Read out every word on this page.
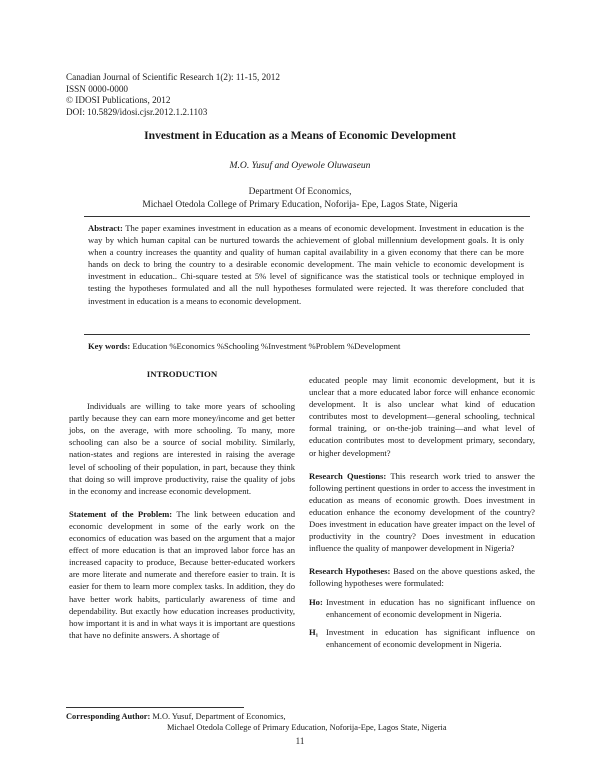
Canadian Journal of Scientific Research 1(2): 11-15, 2012
ISSN 0000-0000
© IDOSI Publications, 2012
DOI: 10.5829/idosi.cjsr.2012.1.2.1103
Investment in Education as a Means of Economic Development
M.O. Yusuf and Oyewole Oluwaseun
Department Of Economics,
Michael Otedola College of Primary Education, Noforija- Epe, Lagos State, Nigeria
Abstract: The paper examines investment in education as a means of economic development. Investment in education is the way by which human capital can be nurtured towards the achievement of global millennium development goals. It is only when a country increases the quantity and quality of human capital availability in a given economy that there can be more hands on deck to bring the country to a desirable economic development. The main vehicle to economic development is investment in education.. Chi-square tested at 5% level of significance was the statistical tools or technique employed in testing the hypotheses formulated and all the null hypotheses formulated were rejected. It was therefore concluded that investment in education is a means to economic development.
Key words: Education %Economics %Schooling %Investment %Problem %Development

INTRODUCTION

Individuals are willing to take more years of schooling partly because they can earn more money/income and get better jobs, on the average, with more schooling. To many, more schooling can also be a source of social mobility. Similarly, nation-states and regions are interested in raising the average level of schooling of their population, in part, because they think that doing so will improve productivity, raise the quality of jobs in the economy and increase economic development.

Statement of the Problem: The link between education and economic development in some of the early work on the economics of education was based on the argument that a major effect of more education is that an improved labor force has an increased capacity to produce, Because better-educated workers are more literate and numerate and therefore easier to train. It is easier for them to learn more complex tasks. In addition, they do have better work habits, particularly awareness of time and dependability. But exactly how education increases productivity, how important it is and in what ways it is important are questions that have no definite answers. A shortage of

educated people may limit economic development, but it is unclear that a more educated labor force will enhance economic development. It is also unclear what kind of education contributes most to development—general schooling, technical formal training, or on-the-job training—and what level of education contributes most to development primary, secondary, or higher development?

Research Questions: This research work tried to answer the following pertinent questions in order to access the investment in education as means of economic growth. Does investment in education enhance the economy development of the country? Does investment in education have greater impact on the level of productivity in the country? Does investment in education influence the quality of manpower development in Nigeria?

Research Hypotheses: Based on the above questions asked, the following hypotheses were formulated:

Ho: Investment in education has no significant influence on enhancement of economic development in Nigeria.

H₁ Investment in education has significant influence on enhancement of economic development in Nigeria.

Corresponding Author: M.O. Yusuf, Department of Economics,
Michael Otedola College of Primary Education, Noforija-Epe, Lagos State, Nigeria
11
